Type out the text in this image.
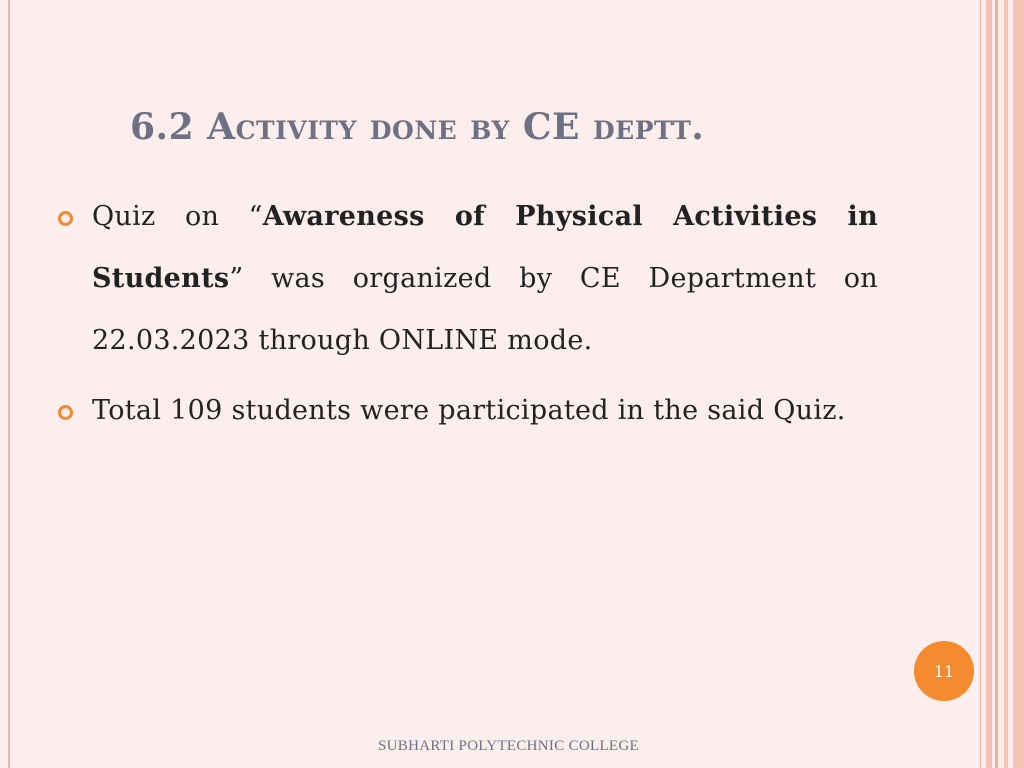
6.2 Activity done by CE deptt.
Quiz on “Awareness of Physical Activities in Students” was organized by CE Department on 22.03.2023 through ONLINE mode.
Total 109 students were participated in the said Quiz.
11
SUBHARTI POLYTECHNIC COLLEGE
